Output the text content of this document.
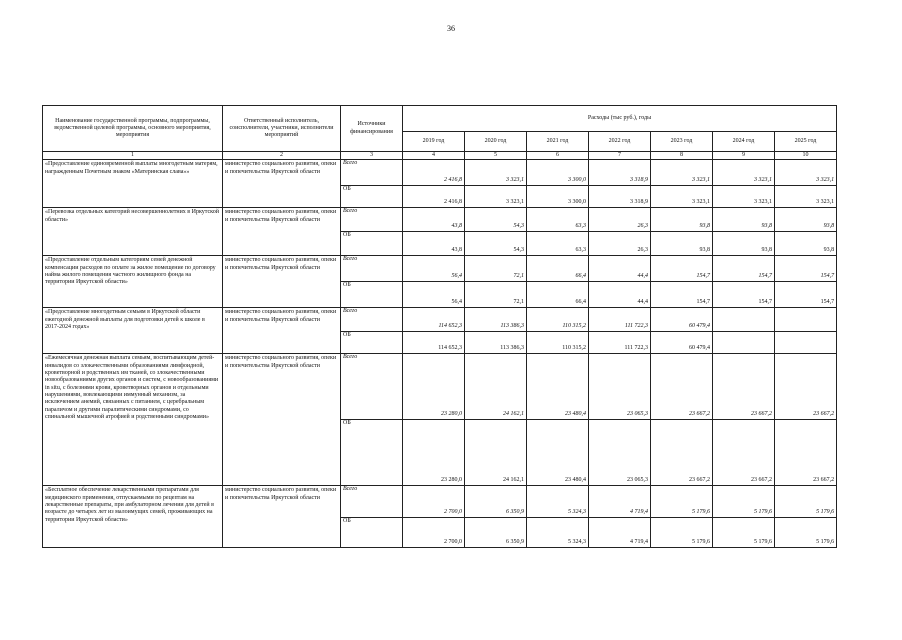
36
Наименование государственной программы, подпрограммы, ведомственной целевой программы, основного мероприятия, мероприятия	Ответственный исполнитель, соисполнители, участники, исполнители мероприятий	Источники финансирования	Расходы (тыс руб.), годы						
			2019 год	2020 год	2021 год	2022 год	2023 год	2024 год	2025 год
1	2	3	4	5	6	7	8	9	10
«Предоставление единовременной выплаты многодетным матерям, награжденным Почетным знаком «Материнская слава»»	министерство социального развития, опеки и попечительства Иркутской области	Всего	2 416,8	3 323,1	3 300,0	3 318,9	3 323,1	3 323,1	3 323,1
		ОБ	2 416,8	3 323,1	3 300,0	3 318,9	3 323,1	3 323,1	3 323,1
«Перевозка отдельных категорий несовершеннолетних в Иркутской области»	министерство социального развития, опеки и попечительства Иркутской области	Всего	43,8	54,3	63,3	26,3	93,8	93,8	93,8
		ОБ	43,8	54,3	63,3	26,3	93,8	93,8	93,8
«Предоставление отдельным категориям семей денежной компенсации расходов по оплате за жилое помещение по договору найма жилого помещения частного жилищного фонда на территории Иркутской области»	министерство социального развития, опеки и попечительства Иркутской области	Всего	56,4	72,1	66,4	44,4	154,7	154,7	154,7
		ОБ	56,4	72,1	66,4	44,4	154,7	154,7	154,7
«Предоставление многодетным семьям в Иркутской области ежегодной денежной выплаты для подготовки детей к школе в 2017-2024 годах»	министерство социального развития, опеки и попечительства Иркутской области	Всего	114 652,3	113 386,3	110 315,2	111 722,3	60 479,4		
		ОБ	114 652,3	113 386,3	110 315,2	111 722,3	60 479,4		
«Ежемесячная денежная выплата семьям, воспитывающим детей-инвалидов со злокачественными образованиями лимфоидной, кроветворной и родственных им тканей, со злокачественными новообразованиями других органов и систем, с новообразованиями in situ, с болезнями крови, кроветворных органов и отдельными нарушениями, вовлекающими иммунный механизм, за исключением анемий, связанных с питанием, с церебральным параличом и другими паралитическими синдромами, со спинальной мышечной атрофией и родственными синдромами»	министерство социального развития, опеки и попечительства Иркутской области	Всего	23 280,0	24 162,1	23 480,4	23 065,3	23 667,2	23 667,2	23 667,2
		ОБ	23 280,0	24 162,1	23 480,4	23 065,3	23 667,2	23 667,2	23 667,2
«Бесплатное обеспечение лекарственными препаратами для медицинского применения, отпускаемыми по рецептам на лекарственные препараты, при амбулаторном лечении для детей в возрасте до четырех лет из малоимущих семей, проживающих на территории Иркутской области»	министерство социального развития, опеки и попечительства Иркутской области	Всего	2 700,0	6 350,9	5 324,3	4 719,4	5 179,6	5 179,6	5 179,6
		ОБ	2 700,0	6 350,9	5 324,3	4 719,4	5 179,6	5 179,6	5 179,6
